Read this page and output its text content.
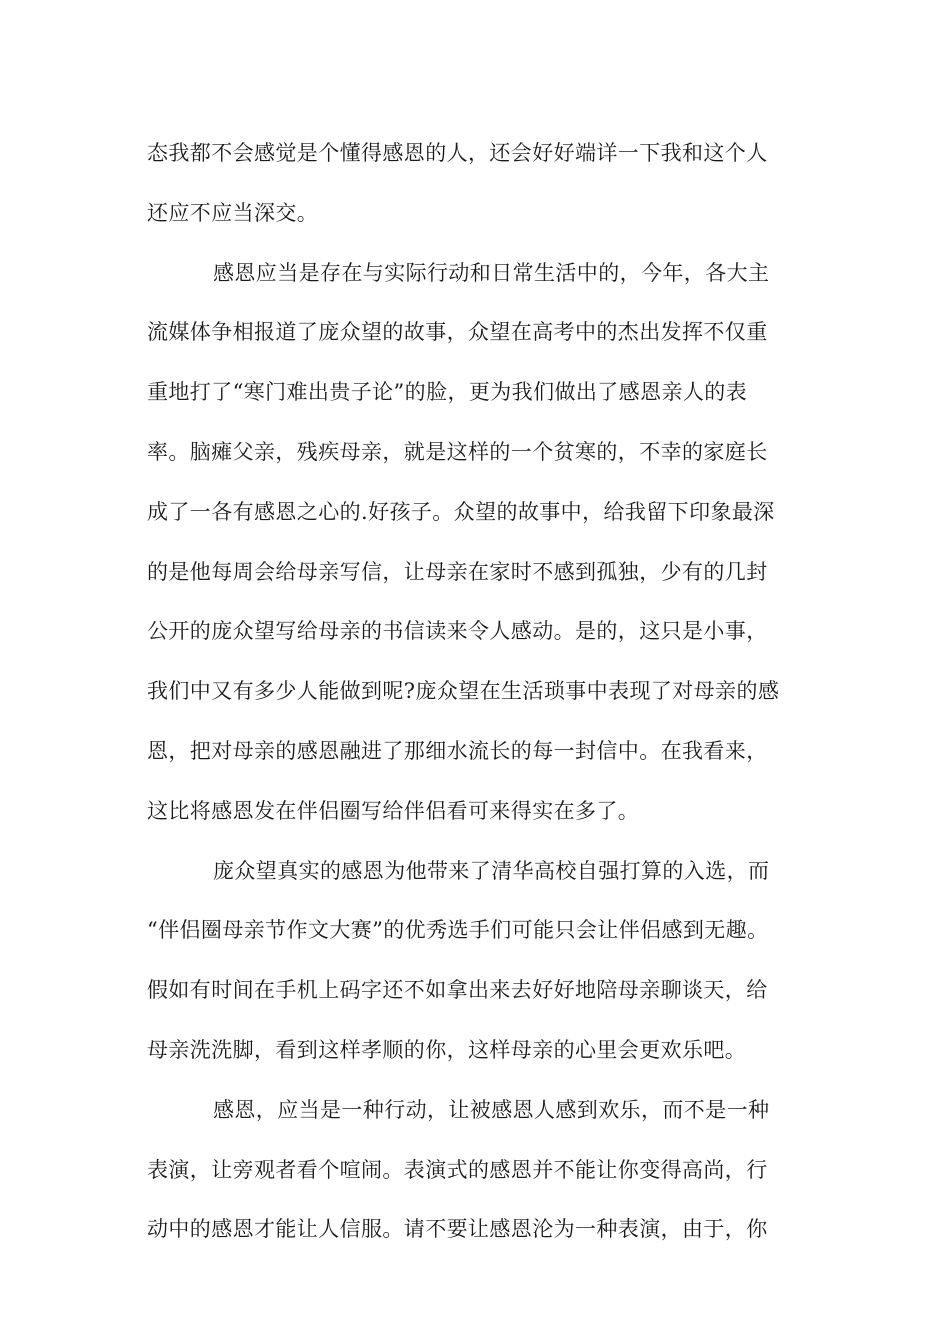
态我都不会感觉是个懂得感恩的人，还会好好端详一下我和这个人
还应不应当深交。
感恩应当是存在与实际行动和日常生活中的，今年，各大主
流媒体争相报道了庞众望的故事，众望在高考中的杰出发挥不仅重
重地打了“寒门难出贵子论”的脸，更为我们做出了感恩亲人的表
率。脑瘫父亲，残疾母亲，就是这样的一个贫寒的，不幸的家庭长
成了一各有感恩之心的.好孩子。众望的故事中，给我留下印象最深
的是他每周会给母亲写信，让母亲在家时不感到孤独，少有的几封
公开的庞众望写给母亲的书信读来令人感动。是的，这只是小事，
我们中又有多少人能做到呢?庞众望在生活琐事中表现了对母亲的感
恩，把对母亲的感恩融进了那细水流长的每一封信中。在我看来，
这比将感恩发在伴侣圈写给伴侣看可来得实在多了。
庞众望真实的感恩为他带来了清华高校自强打算的入选，而
“伴侣圈母亲节作文大赛”的优秀选手们可能只会让伴侣感到无趣。
假如有时间在手机上码字还不如拿出来去好好地陪母亲聊谈天，给
母亲洗洗脚，看到这样孝顺的你，这样母亲的心里会更欢乐吧。
感恩，应当是一种行动，让被感恩人感到欢乐，而不是一种
表演，让旁观者看个喧闹。表演式的感恩并不能让你变得高尚，行
动中的感恩才能让人信服。请不要让感恩沦为一种表演，由于，你
